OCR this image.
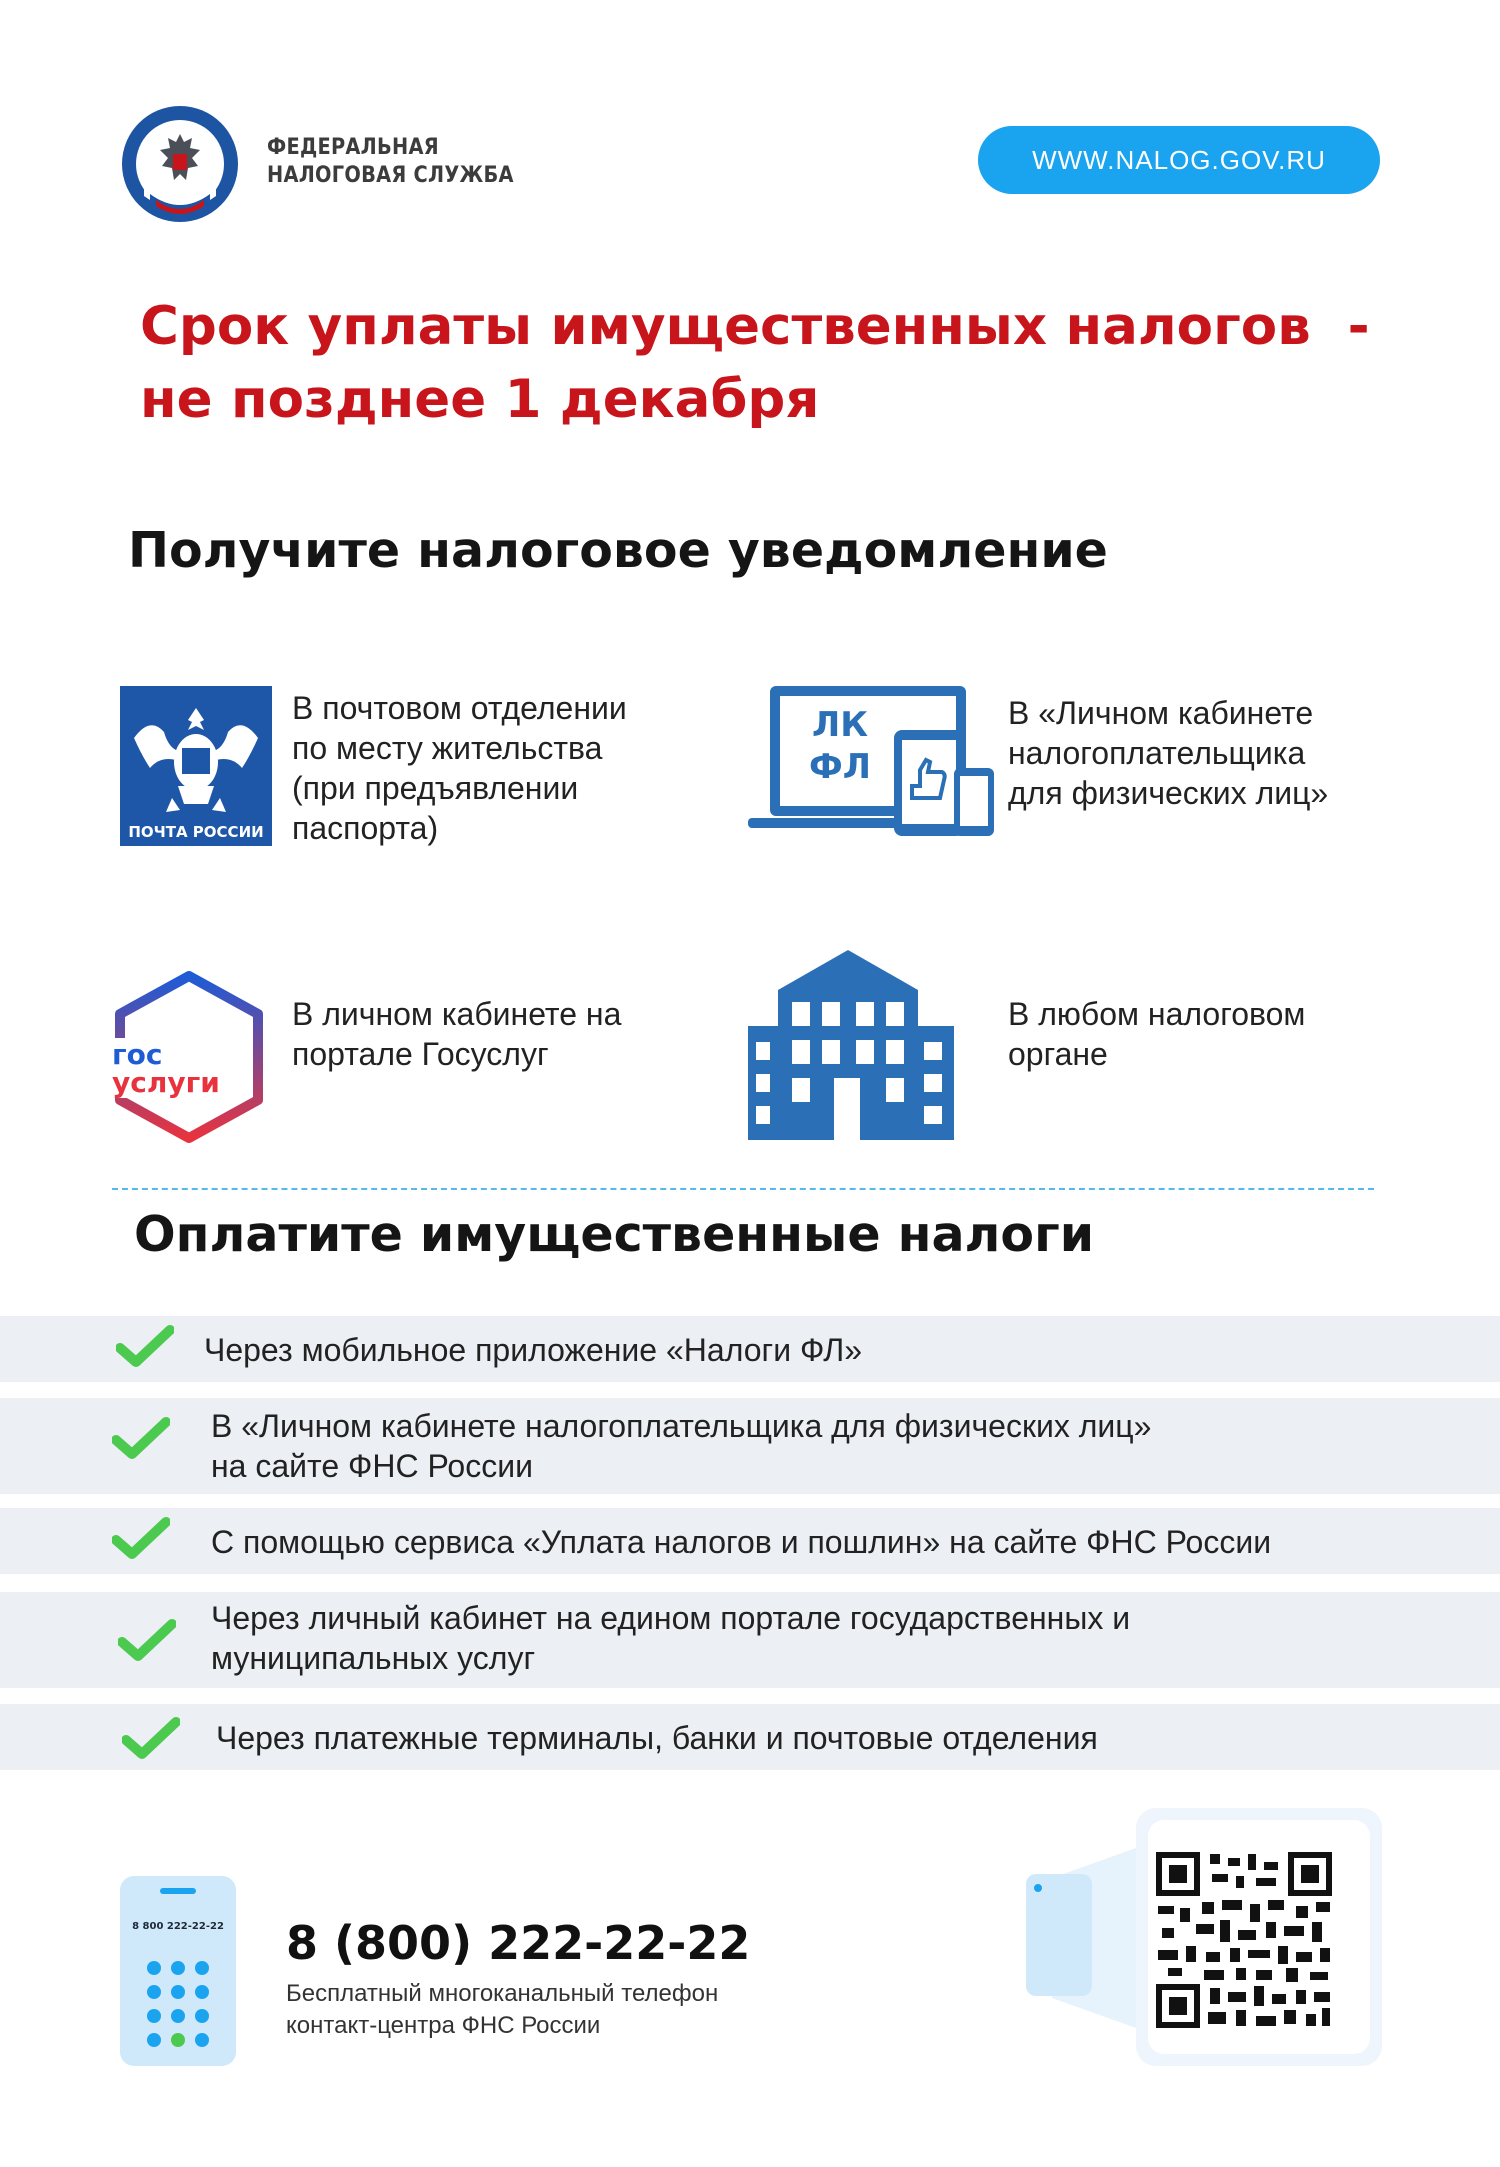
ФЕДЕРАЛЬНАЯ
НАЛОГОВАЯ СЛУЖБА
WWW.NALOG.GOV.RU
Срок уплаты имущественных налогов  -
не позднее 1 декабря
Получите налоговое уведомление
ПОЧТА РОССИИ
В почтовом отделении
по месту жительства
(при предъявлении
паспорта)
ЛК
ФЛ
В «Личном кабинете
налогоплательщика
для физических лиц»
гос
услуги
В личном кабинете на
портале Госуслуг
В любом налоговом
органе
Оплатите имущественные налоги
Через мобильное приложение «Налоги ФЛ»
В «Личном кабинете налогоплательщика для физических лиц»
на сайте ФНС России
С помощью сервиса «Уплата налогов и пошлин» на сайте ФНС России
Через личный кабинет на едином портале государственных и
муниципальных услуг
Через платежные терминалы, банки и почтовые отделения
8 800 222-22-22 8 (800) 222-22-22
Бесплатный многоканальный телефон
контакт-центра ФНС России
